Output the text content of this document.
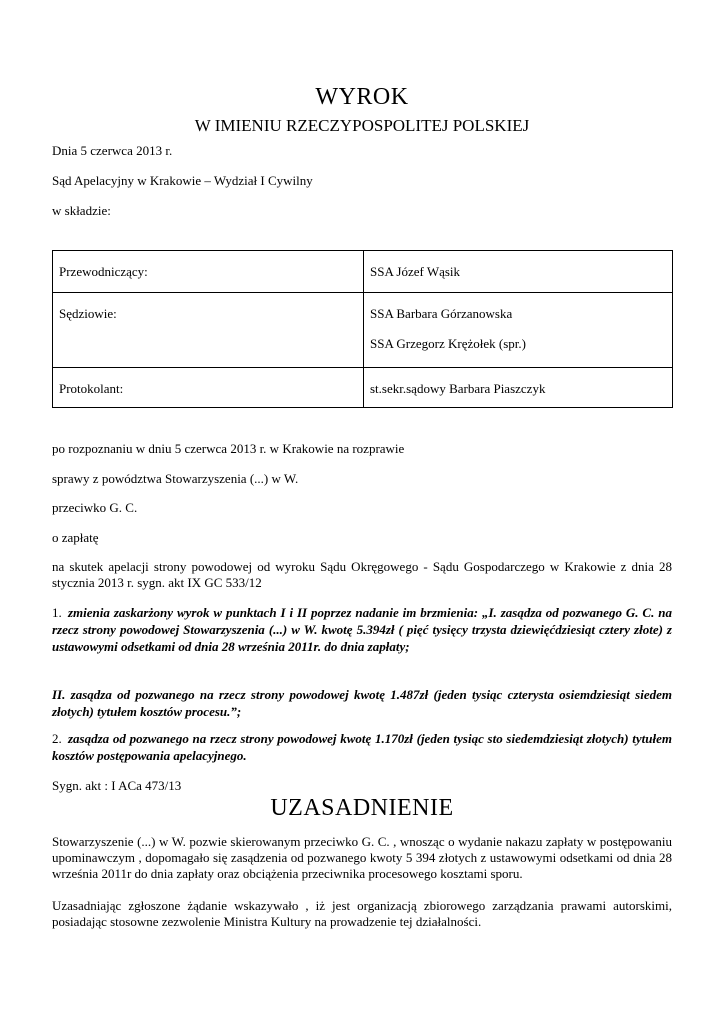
WYROK
W IMIENIU RZECZYPOSPOLITEJ POLSKIEJ
Dnia 5 czerwca 2013 r.
Sąd Apelacyjny w Krakowie – Wydział I Cywilny
w składzie:
Przewodniczący:	SSA Józef Wąsik

Sędziowie:	SSA Barbara Górzanowska
SSA Grzegorz Krężołek (spr.)

Protokolant:	st.sekr.sądowy Barbara Piaszczyk
po rozpoznaniu w dniu 5 czerwca 2013 r. w Krakowie na rozprawie
sprawy z powództwa Stowarzyszenia (...) w W.
przeciwko G. C.
o zapłatę
na skutek apelacji strony powodowej od wyroku Sądu Okręgowego - Sądu Gospodarczego w Krakowie z dnia 28 stycznia 2013 r. sygn. akt IX GC 533/12
1. zmienia zaskarżony wyrok w punktach I i II poprzez nadanie im brzmienia: „I. zasądza od pozwanego G. C. na rzecz strony powodowej Stowarzyszenia (...) w W. kwotę 5.394zł ( pięć tysięcy trzysta dziewięćdziesiąt cztery złote) z ustawowymi odsetkami od dnia 28 września 2011r. do dnia zapłaty;
II. zasądza od pozwanego na rzecz strony powodowej kwotę 1.487zł (jeden tysiąc czterysta osiemdziesiąt siedem złotych) tytułem kosztów procesu.”;
2. zasądza od pozwanego na rzecz strony powodowej kwotę 1.170zł (jeden tysiąc sto siedemdziesiąt złotych) tytułem kosztów postępowania apelacyjnego.
Sygn. akt : I ACa 473/13
UZASADNIENIE
Stowarzyszenie (...) w W. pozwie skierowanym przeciwko G. C. , wnosząc o wydanie nakazu zapłaty w postępowaniu upominawczym , dopomagało się zasądzenia od pozwanego kwoty 5 394 złotych z ustawowymi odsetkami od dnia 28 września 2011r do dnia zapłaty oraz obciążenia przeciwnika procesowego kosztami sporu.
Uzasadniając zgłoszone żądanie wskazywało , iż jest organizacją zbiorowego zarządzania prawami autorskimi, posiadając stosowne zezwolenie Ministra Kultury na prowadzenie tej działalności.
